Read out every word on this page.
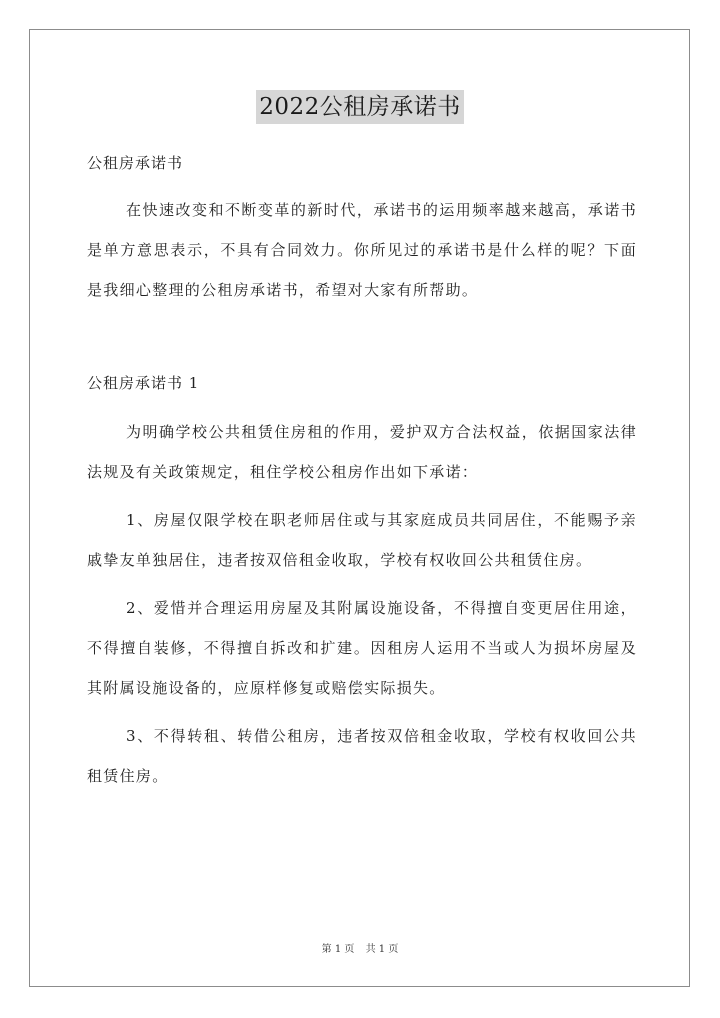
2022公租房承诺书

公租房承诺书

在快速改变和不断变革的新时代，承诺书的运用频率越来越高，承诺书是单方意思表示，不具有合同效力。你所见过的承诺书是什么样的呢？下面是我细心整理的公租房承诺书，希望对大家有所帮助。

公租房承诺书 1

为明确学校公共租赁住房租的作用，爱护双方合法权益，依据国家法律法规及有关政策规定，租住学校公租房作出如下承诺：

1、房屋仅限学校在职老师居住或与其家庭成员共同居住，不能赐予亲戚挚友单独居住，违者按双倍租金收取，学校有权收回公共租赁住房。

2、爱惜并合理运用房屋及其附属设施设备，不得擅自变更居住用途，不得擅自装修，不得擅自拆改和扩建。因租房人运用不当或人为损坏房屋及其附属设施设备的，应原样修复或赔偿实际损失。

3、不得转租、转借公租房，违者按双倍租金收取，学校有权收回公共租赁住房。

第 1 页 共 1 页
